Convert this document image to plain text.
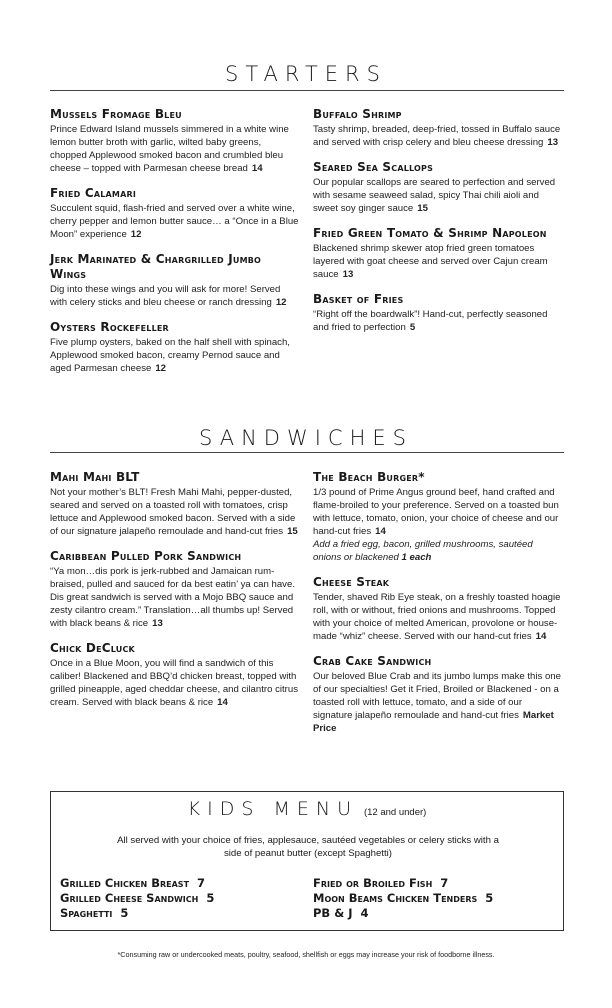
STARTERS
Mussels Fromage Bleu
Prince Edward Island mussels simmered in a white wine lemon butter broth with garlic, wilted baby greens, chopped Applewood smoked bacon and crumbled bleu cheese – topped with Parmesan cheese bread 14
Fried Calamari
Succulent squid, flash-fried and served over a white wine, cherry pepper and lemon butter sauce… a “Once in a Blue Moon” experience 12
Jerk Marinated & Chargrilled Jumbo Wings
Dig into these wings and you will ask for more! Served with celery sticks and bleu cheese or ranch dressing 12
Oysters Rockefeller
Five plump oysters, baked on the half shell with spinach, Applewood smoked bacon, creamy Pernod sauce and aged Parmesan cheese 12
Buffalo Shrimp
Tasty shrimp, breaded, deep-fried, tossed in Buffalo sauce and served with crisp celery and bleu cheese dressing 13
Seared Sea Scallops
Our popular scallops are seared to perfection and served with sesame seaweed salad, spicy Thai chili aioli and sweet soy ginger sauce 15
Fried Green Tomato & Shrimp Napoleon
Blackened shrimp skewer atop fried green tomatoes layered with goat cheese and served over Cajun cream sauce 13
Basket of Fries
“Right off the boardwalk”! Hand-cut, perfectly seasoned and fried to perfection 5
SANDWICHES
Mahi Mahi BLT
Not your mother’s BLT! Fresh Mahi Mahi, pepper-dusted, seared and served on a toasted roll with tomatoes, crisp lettuce and Applewood smoked bacon. Served with a side of our signature jalapeño remoulade and hand-cut fries 15
Caribbean Pulled Pork Sandwich
“Ya mon…dis pork is jerk-rubbed and Jamaican rum-braised, pulled and sauced for da best eatin’ ya can have. Dis great sandwich is served with a Mojo BBQ sauce and zesty cilantro cream.” Translation…all thumbs up! Served with black beans & rice 13
Chick DeCluck
Once in a Blue Moon, you will find a sandwich of this caliber! Blackened and BBQ’d chicken breast, topped with grilled pineapple, aged cheddar cheese, and cilantro citrus cream. Served with black beans & rice 14
The Beach Burger*
1/3 pound of Prime Angus ground beef, hand crafted and flame-broiled to your preference. Served on a toasted bun with lettuce, tomato, onion, your choice of cheese and our hand-cut fries 14
Add a fried egg, bacon, grilled mushrooms, sautéed onions or blackened 1 each
Cheese Steak
Tender, shaved Rib Eye steak, on a freshly toasted hoagie roll, with or without, fried onions and mushrooms. Topped with your choice of melted American, provolone or house-made “whiz” cheese. Served with our hand-cut fries 14
Crab Cake Sandwich
Our beloved Blue Crab and its jumbo lumps make this one of our specialties! Get it Fried, Broiled or Blackened - on a toasted roll with lettuce, tomato, and a side of our signature jalapeño remoulade and hand-cut fries Market Price
KIDS MENU (12 and under)
All served with your choice of fries, applesauce, sautéed vegetables or celery sticks with a side of peanut butter (except Spaghetti)
Grilled Chicken Breast 7
Grilled Cheese Sandwich 5
Spaghetti 5
Fried or Broiled Fish 7
Moon Beams Chicken Tenders 5
PB & J 4
*Consuming raw or undercooked meats, poultry, seafood, shellfish or eggs may increase your risk of foodborne illness.
